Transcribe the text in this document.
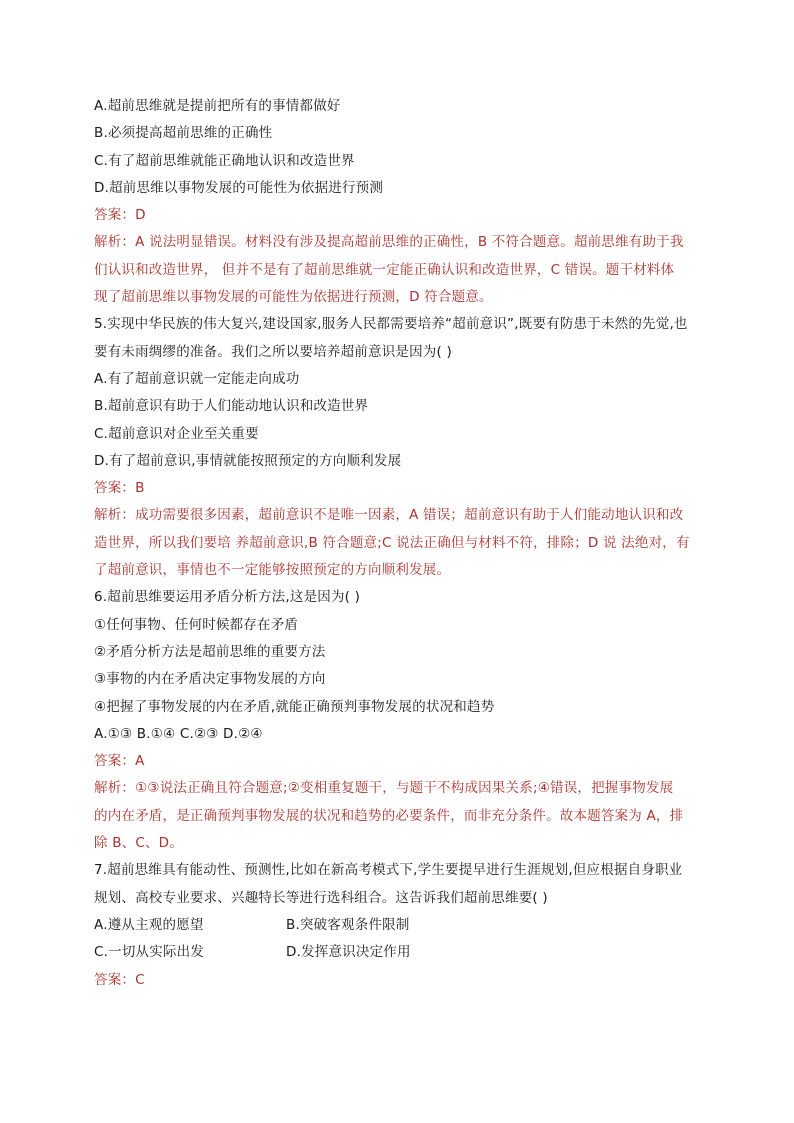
A.超前思维就是提前把所有的事情都做好
B.必须提高超前思维的正确性
C.有了超前思维就能正确地认识和改造世界
D.超前思维以事物发展的可能性为依据进行预测
答案：D
解析：A 说法明显错误。材料没有涉及提高超前思维的正确性，B 不符合题意。超前思维有助于我
们认识和改造世界， 但并不是有了超前思维就一定能正确认识和改造世界，C 错误。题干材料体
现了超前思维以事物发展的可能性为依据进行预测，D 符合题意。
5.实现中华民族的伟大复兴,建设国家,服务人民都需要培养“超前意识”,既要有防患于未然的先觉,也
要有未雨绸缪的准备。我们之所以要培养超前意识是因为( )
A.有了超前意识就一定能走向成功
B.超前意识有助于人们能动地认识和改造世界
C.超前意识对企业至关重要
D.有了超前意识,事情就能按照预定的方向顺利发展
答案：B
解析：成功需要很多因素，超前意识不是唯一因素，A 错误；超前意识有助于人们能动地认识和改
造世界，所以我们要培 养超前意识,B 符合题意;C 说法正确但与材料不符，排除；D 说 法绝对，有
了超前意识，事情也不一定能够按照预定的方向顺利发展。
6.超前思维要运用矛盾分析方法,这是因为( )
①任何事物、任何时候都存在矛盾
②矛盾分析方法是超前思维的重要方法
③事物的内在矛盾决定事物发展的方向
④把握了事物发展的内在矛盾,就能正确预判事物发展的状况和趋势
A.①③ B.①④ C.②③ D.②④
答案：A
解析：①③说法正确且符合题意;②变相重复题干，与题干不构成因果关系;④错误，把握事物发展
的内在矛盾，是正确预判事物发展的状况和趋势的必要条件，而非充分条件。故本题答案为 A，排
除 B、C、D。
7.超前思维具有能动性、预测性,比如在新高考模式下,学生要提早进行生涯规划,但应根据自身职业
规划、高校专业要求、兴趣特长等进行选科组合。这告诉我们超前思维要( )
A.遵从主观的愿望	B.突破客观条件限制
C.一切从实际出发	D.发挥意识决定作用
答案：C
